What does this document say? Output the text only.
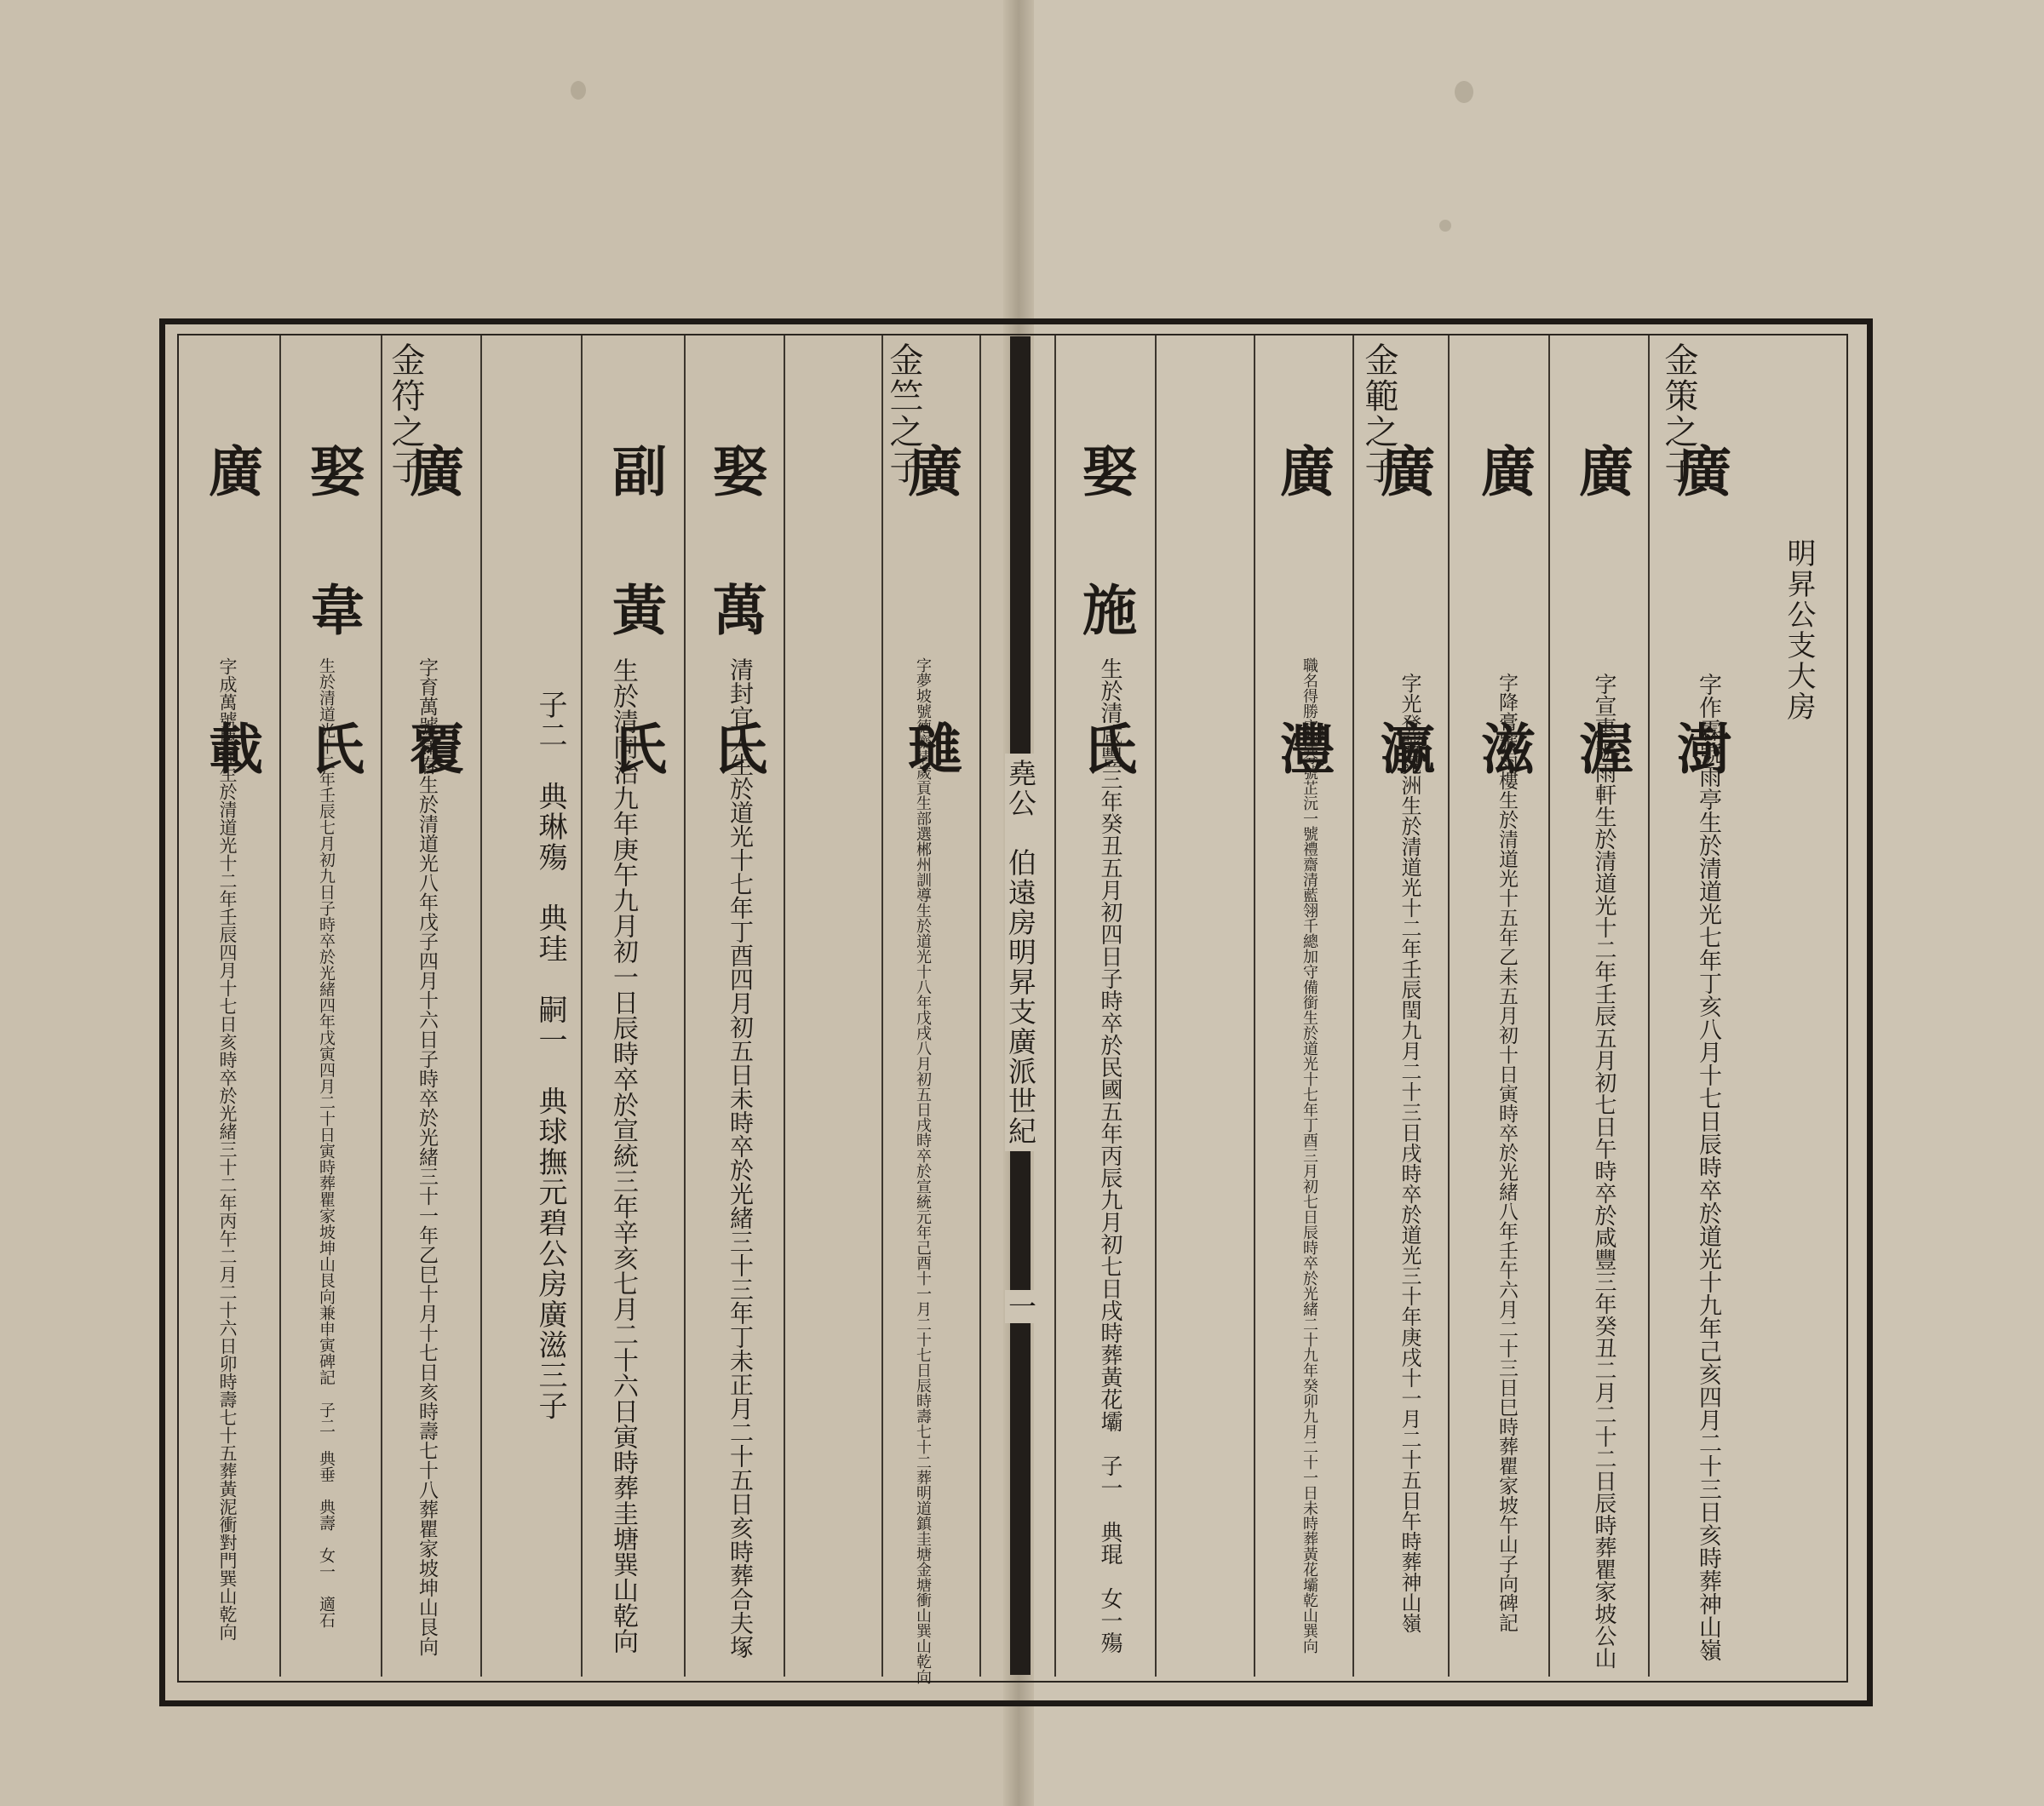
明昇公支大房
堯公　伯遠房明昇支廣派世紀
一
金策之子
廣澍
字作霖號雨亭生於清道光七年丁亥八月十七日辰時卒於道光十九年己亥四月二十三日亥時葬神山嶺
廣渥
字宣惠號雨軒生於清道光十二年壬辰五月初七日午時卒於咸豐三年癸丑二月二十二日辰時葬瞿家坡公山
廣滋
字降膏號雨樓生於清道光十五年乙未五月初十日寅時卒於光緒八年壬午六月二十三日巳時葬瞿家坡午山子向碑記
金範之子
廣瀛
字光登號晃洲生於清道光十二年壬辰閏九月二十三日戌時卒於道光三十年庚戌十一月二十五日午時葬神山嶺
廣灃
職名得勝字澤芬號芷沅一號禮齋清藍翎千總加守備銜生於道光十七年丁酉三月初七日辰時卒於光緒二十九年癸卯九月二十一日未時葬黃花壩乾山巽向
娶施氏
生於清咸豐三年癸丑五月初四日子時卒於民國五年丙辰九月初七日戌時葬黃花壩　子一　典琨　女一殤
金竺之子
廣璡
字夢坡號德齋清歲貢生部選郴州訓導生於道光十八年戊戌八月初五日戌時卒於宣統元年己酉十一月二十七日辰時壽七十二葬明道鎮圭塘金塘衝山巽山乾向
娶萬氏
清封宜人生於道光十七年丁酉四月初五日未時卒於光緒三十三年丁未正月二十五日亥時葬合夫塚
副黃氏
生於清同治九年庚午九月初一日辰時卒於宣統三年辛亥七月二十六日寅時葬圭塘巽山乾向
子二　典琳殤　典珪　嗣一　典球撫元碧公房廣滋三子
金符之子
廣覆
字育萬號澤春生於清道光八年戊子四月十六日子時卒於光緒三十一年乙巳十月十七日亥時壽七十八葬瞿家坡坤山艮向
娶韋氏
生於清道光十二年壬辰七月初九日子時卒於光緒四年戊寅四月二十日寅時葬瞿家坡坤山艮向兼申寅碑記　子二　典垂　典壽　女一　適石
廣載
字成萬號慶祥生於清道光十二年壬辰四月十七日亥時卒於光緒三十二年丙午二月二十六日卯時壽七十五葬黃泥衝對門巽山乾向
